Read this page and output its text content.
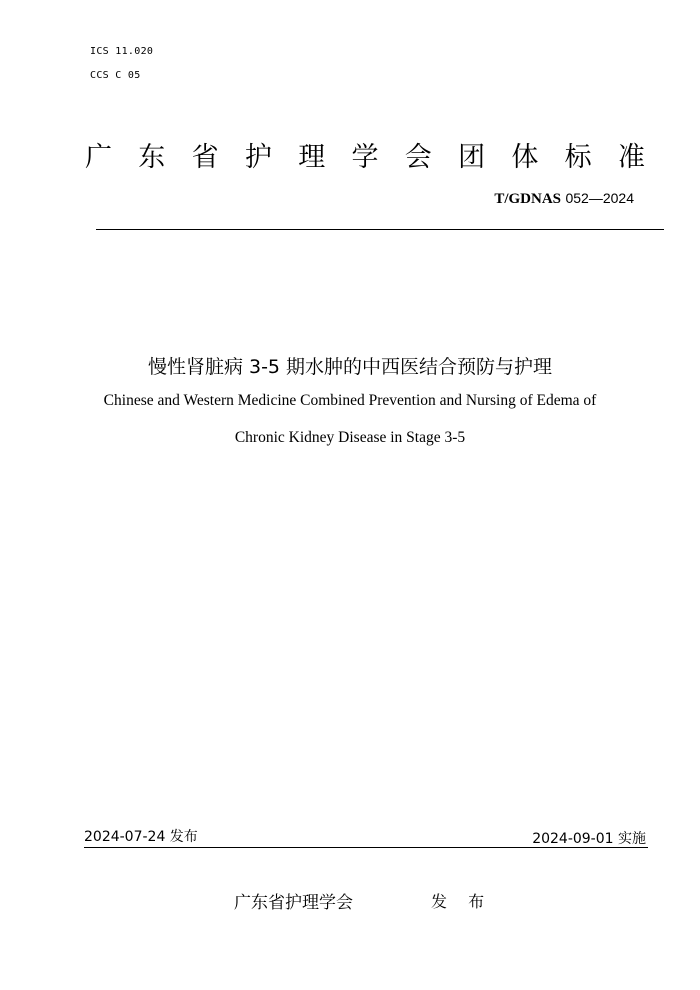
ICS 11.020
CCS C 05
广 东 省 护 理 学 会 团 体 标 准
T/GDNAS 052—2024
慢性肾脏病 3-5 期水肿的中西医结合预防与护理
Chinese and Western Medicine Combined Prevention and Nursing of Edema of
Chronic Kidney Disease in Stage 3-5
2024-07-24 发布	2024-09-01 实施
广东省护理学会	发 布
